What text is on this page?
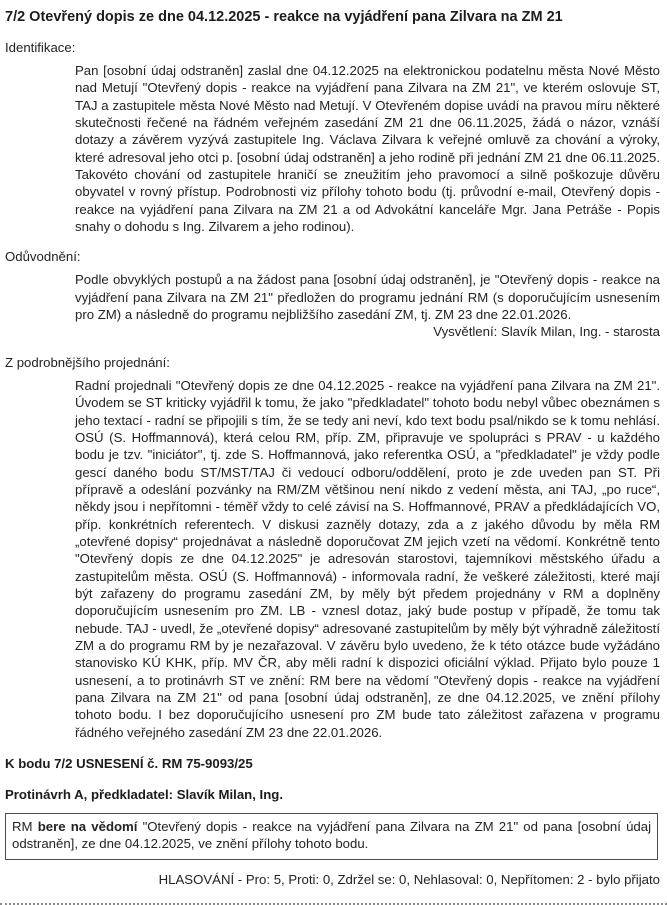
7/2 Otevřený dopis ze dne 04.12.2025 - reakce na vyjádření pana Zilvara na ZM 21
Identifikace:
Pan [osobní údaj odstraněn] zaslal dne 04.12.2025 na elektronickou podatelnu města Nové Město nad Metují "Otevřený dopis - reakce na vyjádření pana Zilvara na ZM 21", ve kterém oslovuje ST, TAJ a zastupitele města Nové Město nad Metují. V Otevřeném dopise uvádí na pravou míru některé skutečnosti řečené na řádném veřejném zasedání ZM 21 dne 06.11.2025, žádá o názor, vznáší dotazy a závěrem vyzývá zastupitele Ing. Václava Zilvara k veřejné omluvě za chování a výroky, které adresoval jeho otci p. [osobní údaj odstraněn] a jeho rodině při jednání ZM 21 dne 06.11.2025. Takovéto chování od zastupitele hraničí se zneužitím jeho pravomocí a silně poškozuje důvěru obyvatel v rovný přístup. Podrobnosti viz přílohy tohoto bodu (tj. průvodní e-mail, Otevřený dopis - reakce na vyjádření pana Zilvara na ZM 21 a od Advokátní kanceláře Mgr. Jana Petráše - Popis snahy o dohodu s Ing. Zilvarem a jeho rodinou).
Odůvodnění:
Podle obvyklých postupů a na žádost pana [osobní údaj odstraněn], je "Otevřený dopis - reakce na vyjádření pana Zilvara na ZM 21" předložen do programu jednání RM (s doporučujícím usnesením pro ZM) a následně do programu nejbližšího zasedání ZM, tj. ZM 23 dne 22.01.2026.
Vysvětlení: Slavík Milan, Ing. - starosta
Z podrobnějšího projednání:
Radní projednali "Otevřený dopis ze dne 04.12.2025 - reakce na vyjádření pana Zilvara na ZM 21". Úvodem se ST kriticky vyjádřil k tomu, že jako "předkladatel" tohoto bodu nebyl vůbec obeznámen s jeho textací - radní se připojili s tím, že se tedy ani neví, kdo text bodu psal/nikdo se k tomu nehlásí. OSÚ (S. Hoffmannová), která celou RM, příp. ZM, připravuje ve spolupráci s PRAV - u každého bodu je tzv. "iniciátor", tj. zde S. Hoffmannová, jako referentka OSÚ, a "předkladatel" je vždy podle gescí daného bodu ST/MST/TAJ či vedoucí odboru/oddělení, proto je zde uveden pan ST. Při přípravě a odeslání pozvánky na RM/ZM většinou není nikdo z vedení města, ani TAJ, „po ruce“, někdy jsou i nepřítomni - téměř vždy to celé závisí na S. Hoffmannové, PRAV a předkládajících VO, příp. konkrétních referentech. V diskusi zazněly dotazy, zda a z jakého důvodu by měla RM „otevřené dopisy“ projednávat a následně doporučovat ZM jejich vzetí na vědomí. Konkrétně tento "Otevřený dopis ze dne 04.12.2025" je adresován starostovi, tajemníkovi městského úřadu a zastupitelům města. OSÚ (S. Hoffmannová) - informovala radní, že veškeré záležitosti, které mají být zařazeny do programu zasedání ZM, by měly být předem projednány v RM a doplněny doporučujícím usnesením pro ZM. LB - vznesl dotaz, jaký bude postup v případě, že tomu tak nebude. TAJ - uvedl, že „otevřené dopisy“ adresované zastupitelům by měly být výhradně záležitostí ZM a do programu RM by je nezařazoval. V závěru bylo uvedeno, že k této otázce bude vyžádáno stanovisko KÚ KHK, příp. MV ČR, aby měli radní k dispozici oficiální výklad. Přijato bylo pouze 1 usnesení, a to protinávrh ST ve znění: RM bere na vědomí "Otevřený dopis - reakce na vyjádření pana Zilvara na ZM 21" od pana [osobní údaj odstraněn], ze dne 04.12.2025, ve znění přílohy tohoto bodu. I bez doporučujícího usnesení pro ZM bude tato záležitost zařazena v programu řádného veřejného zasedání ZM 23 dne 22.01.2026.
K bodu 7/2 USNESENÍ č. RM 75-9093/25
Protinávrh A, předkladatel: Slavík Milan, Ing.
RM bere na vědomí "Otevřený dopis - reakce na vyjádření pana Zilvara na ZM 21" od pana [osobní údaj odstraněn], ze dne 04.12.2025, ve znění přílohy tohoto bodu.
HLASOVÁNÍ - Pro: 5, Proti: 0, Zdržel se: 0, Nehlasoval: 0, Nepřítomen: 2 - bylo přijato
